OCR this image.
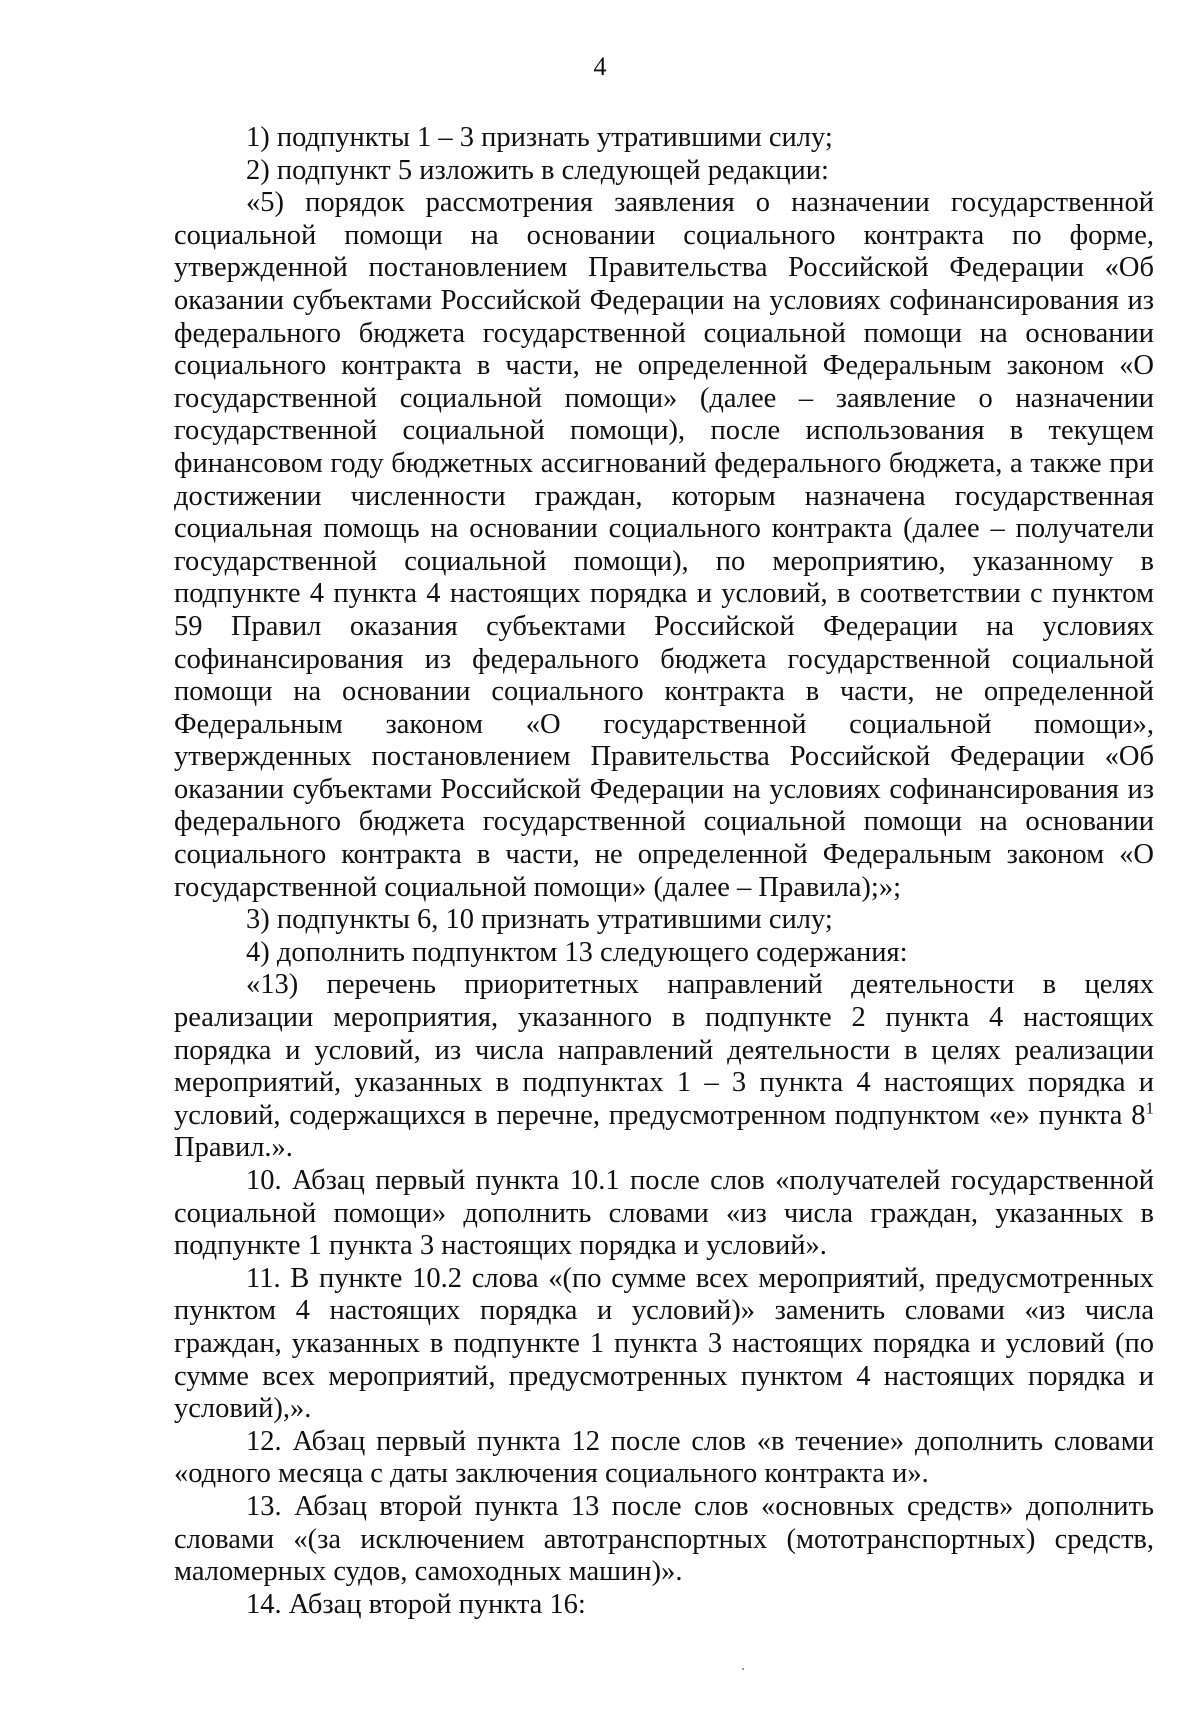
4

1) подпункты 1 – 3 признать утратившими силу;

2) подпункт 5 изложить в следующей редакции:

«5) порядок рассмотрения заявления о назначении государственной социальной помощи на основании социального контракта по форме, утвержденной постановлением Правительства Российской Федерации «Об оказании субъектами Российской Федерации на условиях софинансирования из федерального бюджета государственной социальной помощи на основании социального контракта в части, не определенной Федеральным законом «О государственной социальной помощи» (далее – заявление о назначении государственной социальной помощи), после использования в текущем финансовом году бюджетных ассигнований федерального бюджета, а также при достижении численности граждан, которым назначена государственная социальная помощь на основании социального контракта (далее – получатели государственной социальной помощи), по мероприятию, указанному в подпункте 4 пункта 4 настоящих порядка и условий, в соответствии с пунктом 59 Правил оказания субъектами Российской Федерации на условиях софинансирования из федерального бюджета государственной социальной помощи на основании социального контракта в части, не определенной Федеральным законом «О государственной социальной помощи», утвержденных постановлением Правительства Российской Федерации «Об оказании субъектами Российской Федерации на условиях софинансирования из федерального бюджета государственной социальной помощи на основании социального контракта в части, не определенной Федеральным законом «О государственной социальной помощи» (далее – Правила);»;

3) подпункты 6, 10 признать утратившими силу;

4) дополнить подпунктом 13 следующего содержания:

«13) перечень приоритетных направлений деятельности в целях реализации мероприятия, указанного в подпункте 2 пункта 4 настоящих порядка и условий, из числа направлений деятельности в целях реализации мероприятий, указанных в подпунктах 1 – 3 пункта 4 настоящих порядка и условий, содержащихся в перечне, предусмотренном подпунктом «е» пункта $8^1$ Правил.».

10. Абзац первый пункта 10.1 после слов «получателей государственной социальной помощи» дополнить словами «из числа граждан, указанных в подпункте 1 пункта 3 настоящих порядка и условий».

11. В пункте 10.2 слова «(по сумме всех мероприятий, предусмотренных пунктом 4 настоящих порядка и условий)» заменить словами «из числа граждан, указанных в подпункте 1 пункта 3 настоящих порядка и условий (по сумме всех мероприятий, предусмотренных пунктом 4 настоящих порядка и условий),».

12. Абзац первый пункта 12 после слов «в течение» дополнить словами «одного месяца с даты заключения социального контракта и».

13. Абзац второй пункта 13 после слов «основных средств» дополнить словами «(за исключением автотранспортных (мототранспортных) средств, маломерных судов, самоходных машин)».

14. Абзац второй пункта 16:
